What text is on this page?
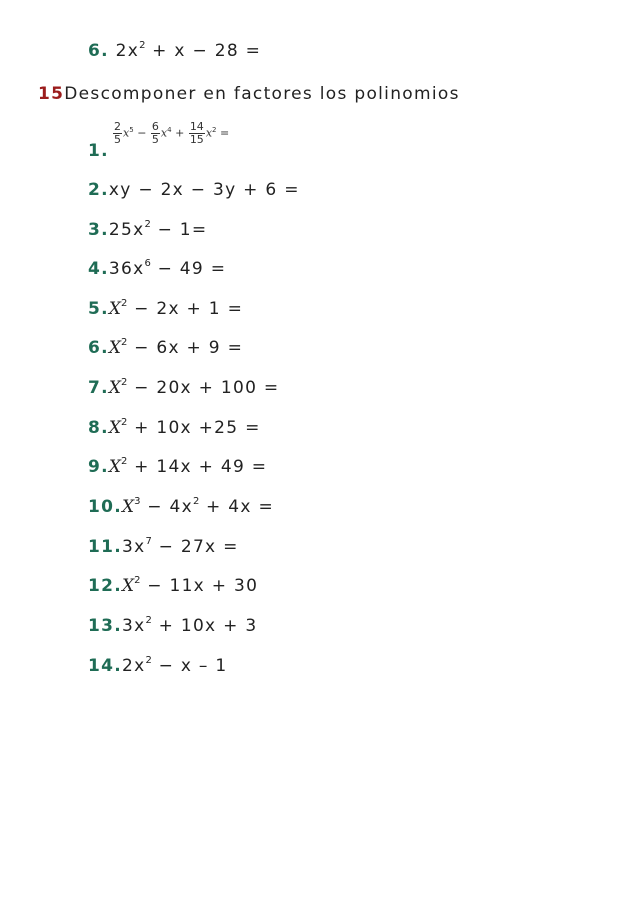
6. $2x^2 + x - 28$ =
15Descomponer en factores los polinomios
$\frac{2}{5} x^5 - \frac{6}{5} x^4 + \frac{14}{15} x^2$ =
1.
2.xy − 2x − 3y + 6 =
$3.25x^2 - 1=$
$4.36x^6 - 49$ =
$5.X^2 - 2x + 1$ =
$6.X^2 - 6x + 9$ =
$7.X^2 - 20x + 100$ =
$8.X^2 + 10x +25$ =
$9.X^2 + 14x + 49$ =
$10.X^3 - 4x^2 + 4x$ =
$11.3x^7 - 27x$ =
$12.X^2 - 11x + 30$
$13.3x^2 + 10x + 3$
$14.2x^2 - x - 1$
